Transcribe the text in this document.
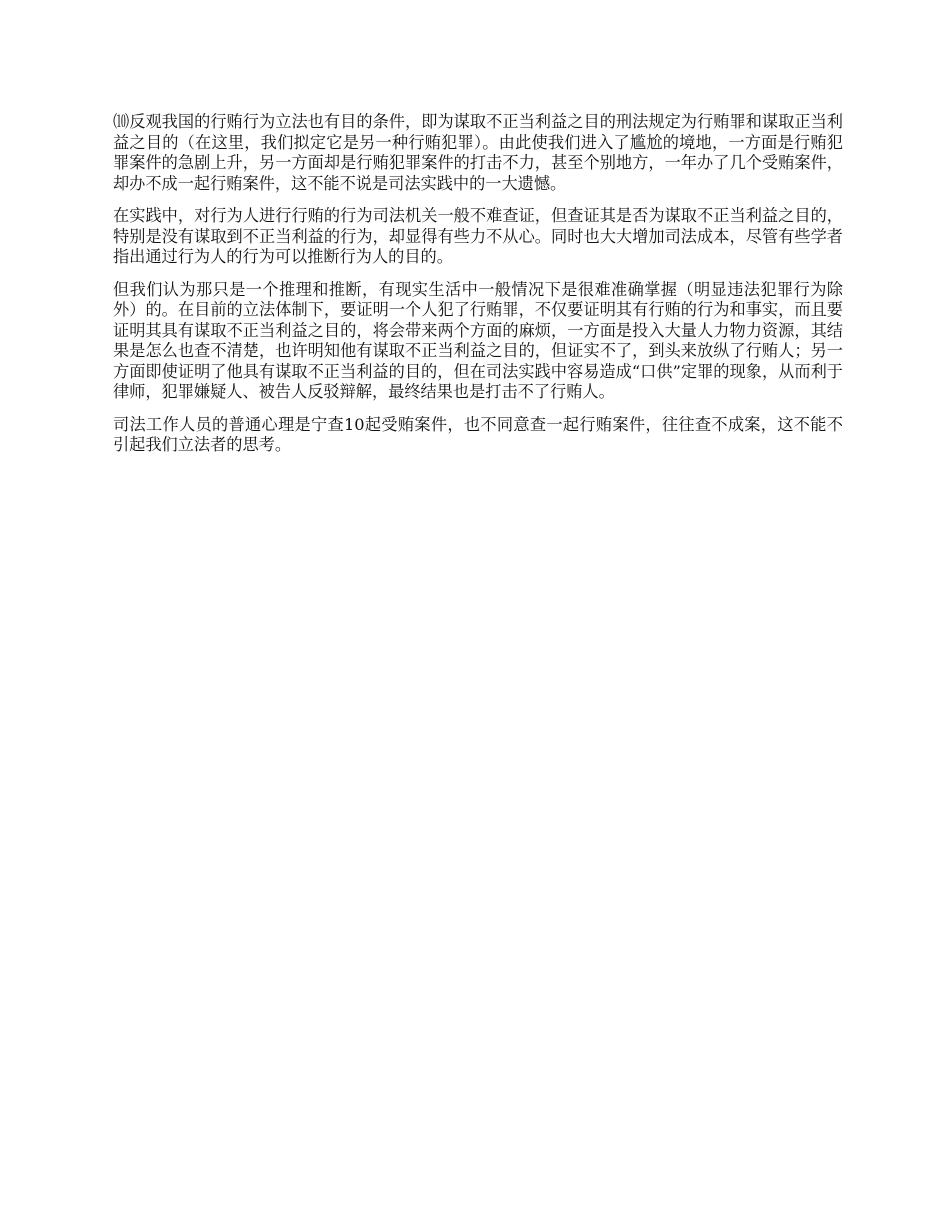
⑽反观我国的行贿行为立法也有目的条件，即为谋取不正当利益之目的刑法规定为行贿罪和谋取正当利益之目的（在这里，我们拟定它是另一种行贿犯罪）。由此使我们进入了尴尬的境地，一方面是行贿犯罪案件的急剧上升，另一方面却是行贿犯罪案件的打击不力，甚至个别地方，一年办了几个受贿案件，却办不成一起行贿案件，这不能不说是司法实践中的一大遗憾。

在实践中，对行为人进行行贿的行为司法机关一般不难查证，但查证其是否为谋取不正当利益之目的，特别是没有谋取到不正当利益的行为，却显得有些力不从心。同时也大大增加司法成本，尽管有些学者指出通过行为人的行为可以推断行为人的目的。

但我们认为那只是一个推理和推断，有现实生活中一般情况下是很难准确掌握（明显违法犯罪行为除外）的。在目前的立法体制下，要证明一个人犯了行贿罪，不仅要证明其有行贿的行为和事实，而且要证明其具有谋取不正当利益之目的，将会带来两个方面的麻烦，一方面是投入大量人力物力资源，其结果是怎么也查不清楚，也许明知他有谋取不正当利益之目的，但证实不了，到头来放纵了行贿人；另一方面即使证明了他具有谋取不正当利益的目的，但在司法实践中容易造成“口供”定罪的现象，从而利于律师，犯罪嫌疑人、被告人反驳辩解，最终结果也是打击不了行贿人。

司法工作人员的普通心理是宁查10起受贿案件，也不同意查一起行贿案件，往往查不成案，这不能不引起我们立法者的思考。
